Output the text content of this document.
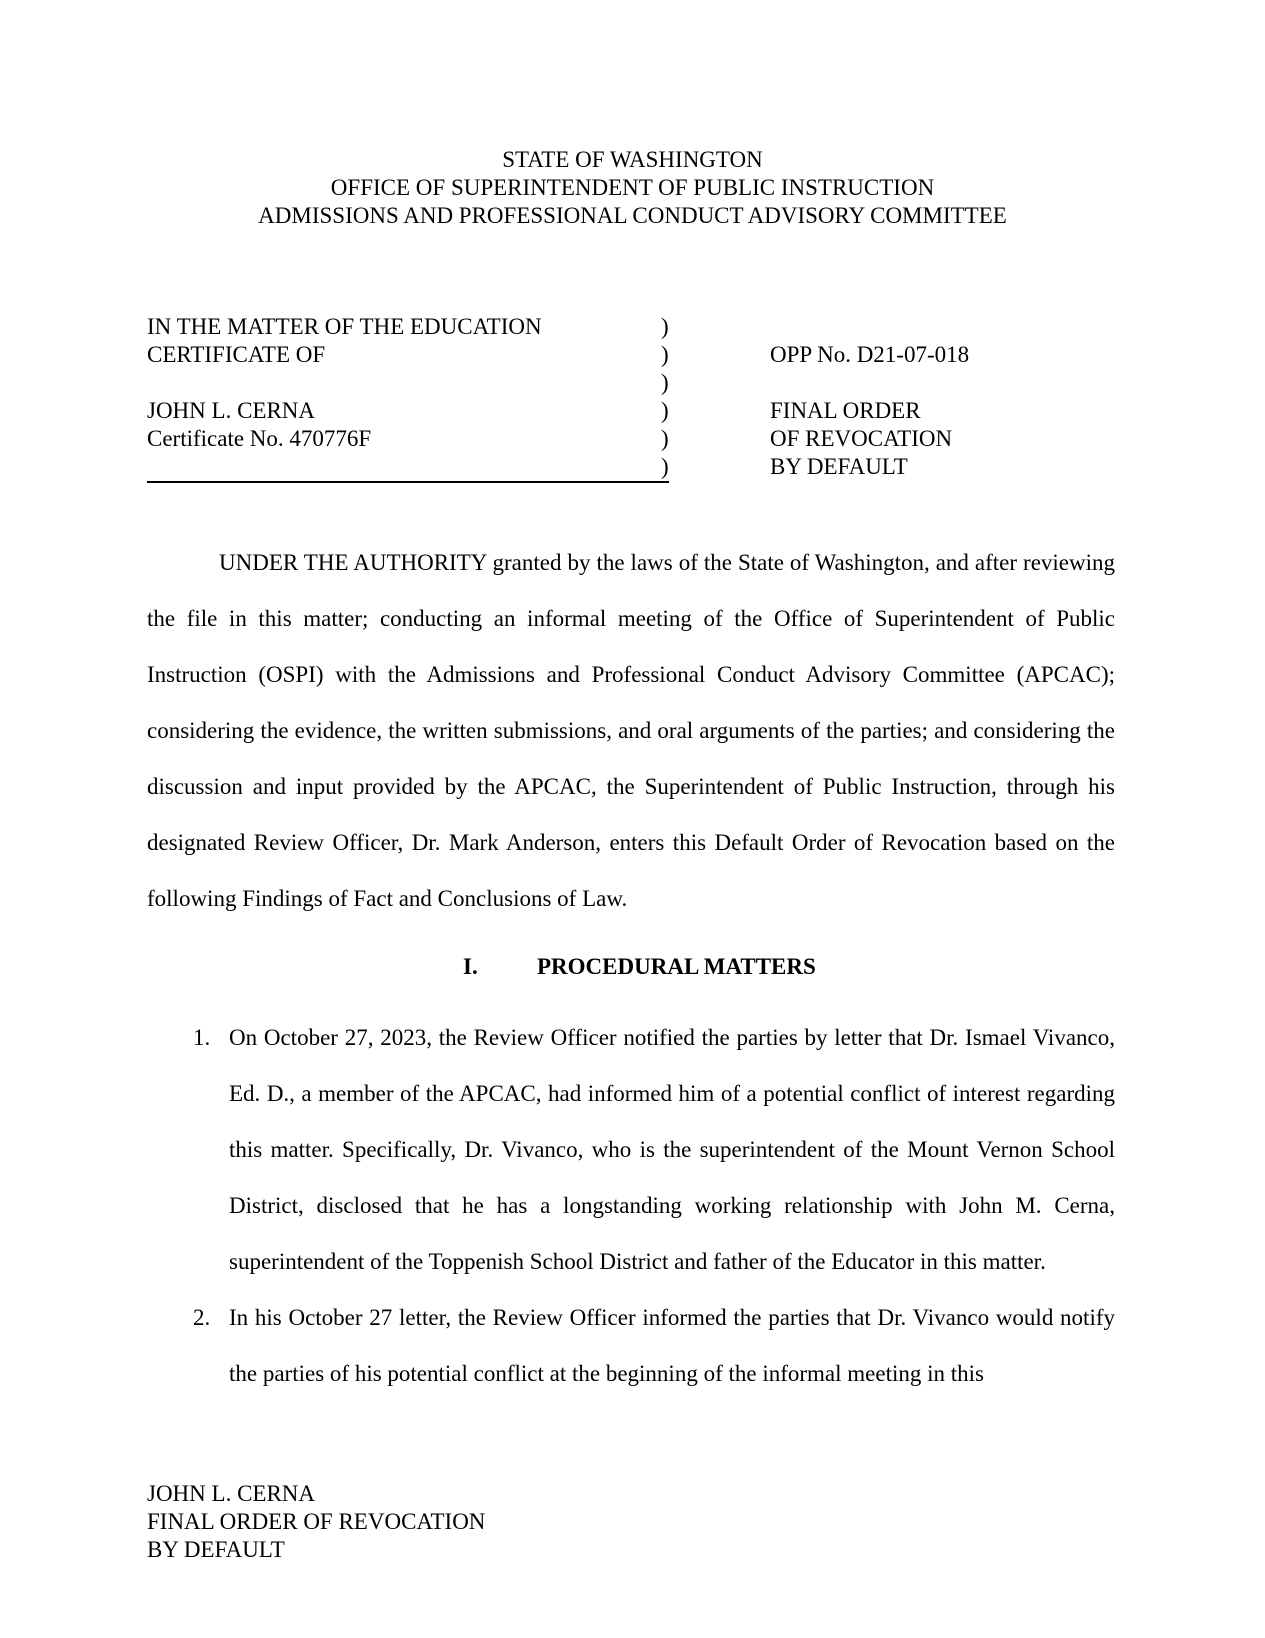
STATE OF WASHINGTON
OFFICE OF SUPERINTENDENT OF PUBLIC INSTRUCTION
ADMISSIONS AND PROFESSIONAL CONDUCT ADVISORY COMMITTEE
IN THE MATTER OF THE EDUCATION
CERTIFICATE OF
JOHN L. CERNA
Certificate No. 470776F
)
)
)
)
)
)
OPP No. D21-07-018
FINAL ORDER
OF REVOCATION
BY DEFAULT

UNDER THE AUTHORITY granted by the laws of the State of Washington, and after reviewing the file in this matter; conducting an informal meeting of the Office of Superintendent of Public Instruction (OSPI) with the Admissions and Professional Conduct Advisory Committee (APCAC); considering the evidence, the written submissions, and oral arguments of the parties; and considering the discussion and input provided by the APCAC, the Superintendent of Public Instruction, through his designated Review Officer, Dr. Mark Anderson, enters this Default Order of Revocation based on the following Findings of Fact and Conclusions of Law.

I.	PROCEDURAL MATTERS
1. On October 27, 2023, the Review Officer notified the parties by letter that Dr. Ismael Vivanco, Ed. D., a member of the APCAC, had informed him of a potential conflict of interest regarding this matter. Specifically, Dr. Vivanco, who is the superintendent of the Mount Vernon School District, disclosed that he has a longstanding working relationship with John M. Cerna, superintendent of the Toppenish School District and father of the Educator in this matter.
2. In his October 27 letter, the Review Officer informed the parties that Dr. Vivanco would notify the parties of his potential conflict at the beginning of the informal meeting in this
JOHN L. CERNA
FINAL ORDER OF REVOCATION
BY DEFAULT
